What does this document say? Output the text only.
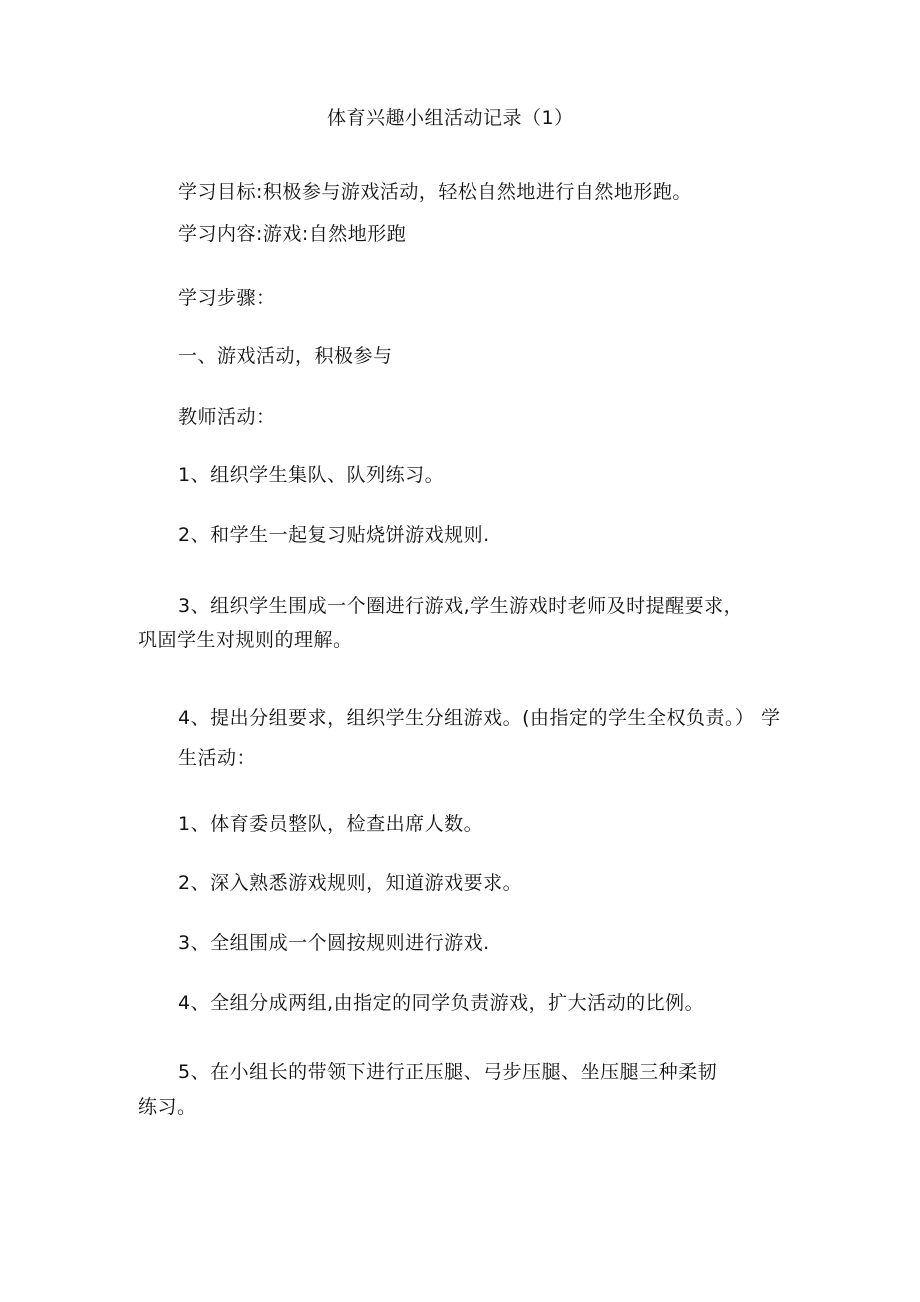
体育兴趣小组活动记录（1）
学习目标:积极参与游戏活动，轻松自然地进行自然地形跑。
学习内容:游戏:自然地形跑
学习步骤：
一、游戏活动，积极参与
教师活动：
1、组织学生集队、队列练习。
2、和学生一起复习贴烧饼游戏规则.
3、组织学生围成一个圈进行游戏,学生游戏时老师及时提醒要求，
巩固学生对规则的理解。
4、提出分组要求，组织学生分组游戏。(由指定的学生全权负责。） 学
生活动：
1、体育委员整队，检查出席人数。
2、深入熟悉游戏规则，知道游戏要求。
3、全组围成一个圆按规则进行游戏.
4、全组分成两组,由指定的同学负责游戏，扩大活动的比例。
5、在小组长的带领下进行正压腿、弓步压腿、坐压腿三种柔韧
练习。
